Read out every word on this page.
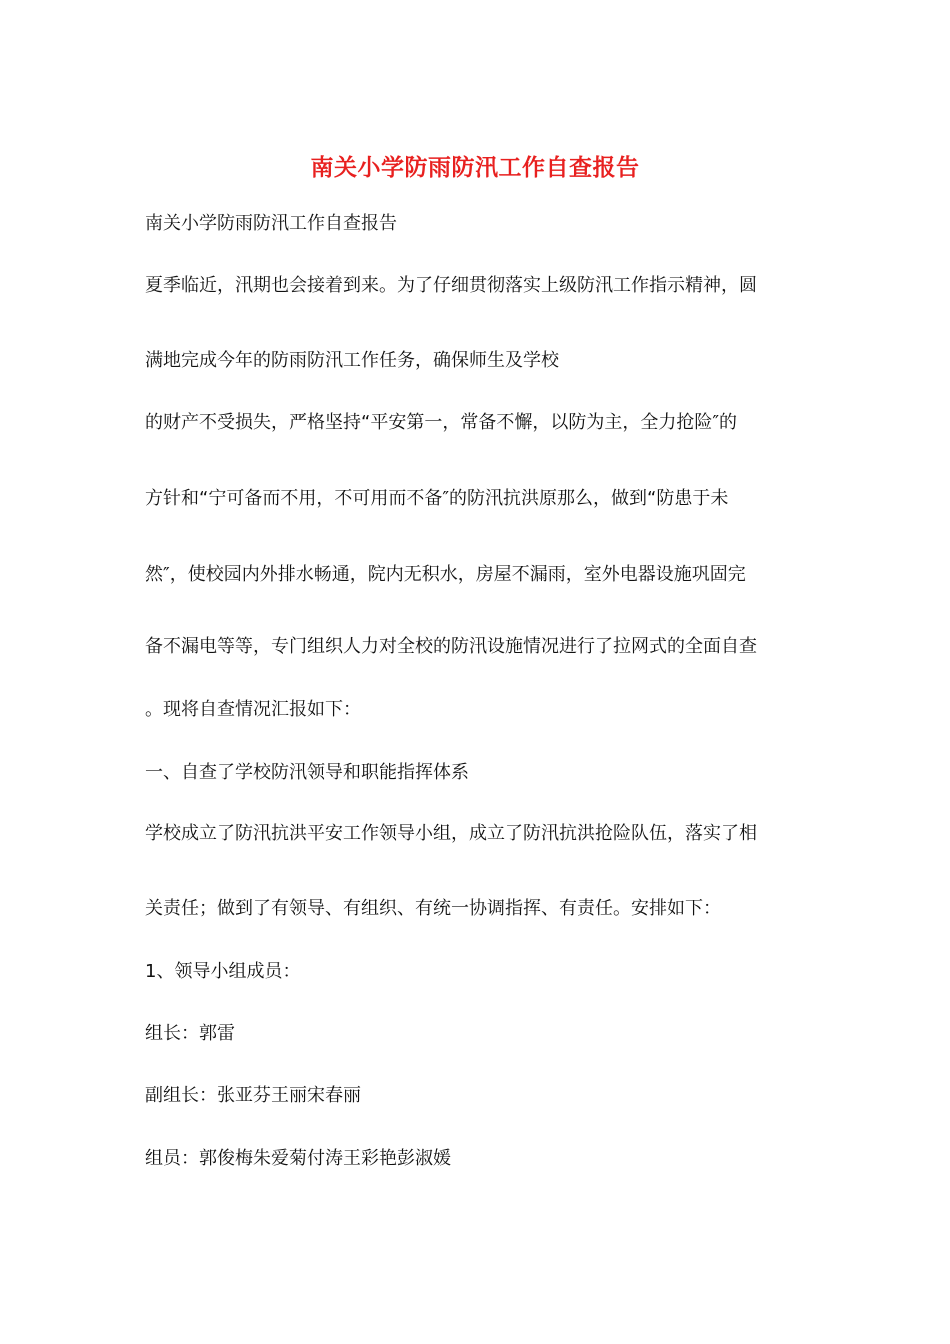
南关小学防雨防汛工作自查报告
南关小学防雨防汛工作自查报告
夏季临近，汛期也会接着到来。为了仔细贯彻落实上级防汛工作指示精神，圆
满地完成今年的防雨防汛工作任务，确保师生及学校
的财产不受损失，严格坚持“平安第一，常备不懈，以防为主，全力抢险″的
方针和“宁可备而不用，不可用而不备″的防汛抗洪原那么，做到“防患于未
然″，使校园内外排水畅通，院内无积水，房屋不漏雨，室外电器设施巩固完
备不漏电等等，专门组织人力对全校的防汛设施情况进行了拉网式的全面自查
。现将自查情况汇报如下：
一、自查了学校防汛领导和职能指挥体系
学校成立了防汛抗洪平安工作领导小组，成立了防汛抗洪抢险队伍，落实了相
关责任；做到了有领导、有组织、有统一协调指挥、有责任。安排如下：
1、领导小组成员：
组长：郭雷
副组长：张亚芬王丽宋春丽
组员：郭俊梅朱爱菊付涛王彩艳彭淑媛
